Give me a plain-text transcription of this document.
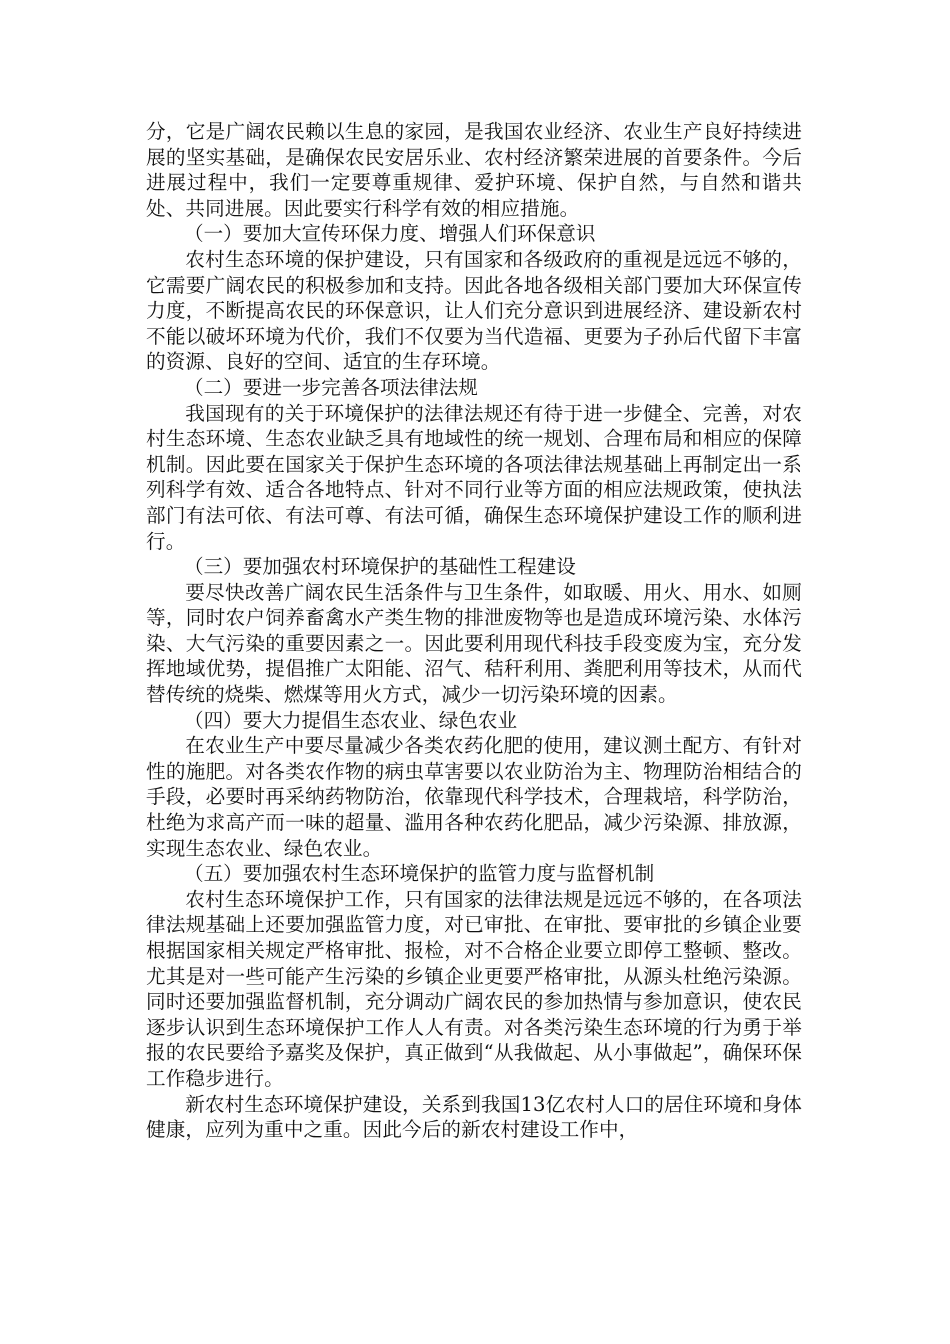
分，它是广阔农民赖以生息的家园，是我国农业经济、农业生产良好持续进展的坚实基础，是确保农民安居乐业、农村经济繁荣进展的首要条件。今后进展过程中，我们一定要尊重规律、爱护环境、保护自然，与自然和谐共处、共同进展。因此要实行科学有效的相应措施。

（一）要加大宣传环保力度、增强人们环保意识

农村生态环境的保护建设，只有国家和各级政府的重视是远远不够的，它需要广阔农民的积极参加和支持。因此各地各级相关部门要加大环保宣传力度，不断提高农民的环保意识，让人们充分意识到进展经济、建设新农村不能以破坏环境为代价，我们不仅要为当代造福、更要为子孙后代留下丰富的资源、良好的空间、适宜的生存环境。

（二）要进一步完善各项法律法规

我国现有的关于环境保护的法律法规还有待于进一步健全、完善，对农村生态环境、生态农业缺乏具有地域性的统一规划、合理布局和相应的保障机制。因此要在国家关于保护生态环境的各项法律法规基础上再制定出一系列科学有效、适合各地特点、针对不同行业等方面的相应法规政策，使执法部门有法可依、有法可尊、有法可循，确保生态环境保护建设工作的顺利进行。

（三）要加强农村环境保护的基础性工程建设

要尽快改善广阔农民生活条件与卫生条件，如取暖、用火、用水、如厕等，同时农户饲养畜禽水产类生物的排泄废物等也是造成环境污染、水体污染、大气污染的重要因素之一。因此要利用现代科技手段变废为宝，充分发挥地域优势，提倡推广太阳能、沼气、秸秆利用、粪肥利用等技术，从而代替传统的烧柴、燃煤等用火方式，减少一切污染环境的因素。

（四）要大力提倡生态农业、绿色农业

在农业生产中要尽量减少各类农药化肥的使用，建议测土配方、有针对性的施肥。对各类农作物的病虫草害要以农业防治为主、物理防治相结合的手段，必要时再采纳药物防治，依靠现代科学技术，合理栽培，科学防治，杜绝为求高产而一味的超量、滥用各种农药化肥品，减少污染源、排放源，实现生态农业、绿色农业。

（五）要加强农村生态环境保护的监管力度与监督机制

农村生态环境保护工作，只有国家的法律法规是远远不够的，在各项法律法规基础上还要加强监管力度，对已审批、在审批、要审批的乡镇企业要根据国家相关规定严格审批、报检，对不合格企业要立即停工整顿、整改。尤其是对一些可能产生污染的乡镇企业更要严格审批，从源头杜绝污染源。同时还要加强监督机制，充分调动广阔农民的参加热情与参加意识，使农民逐步认识到生态环境保护工作人人有责。对各类污染生态环境的行为勇于举报的农民要给予嘉奖及保护，真正做到“从我做起、从小事做起”，确保环保工作稳步进行。

新农村生态环境保护建设，关系到我国13亿农村人口的居住环境和身体健康，应列为重中之重。因此今后的新农村建设工作中，
